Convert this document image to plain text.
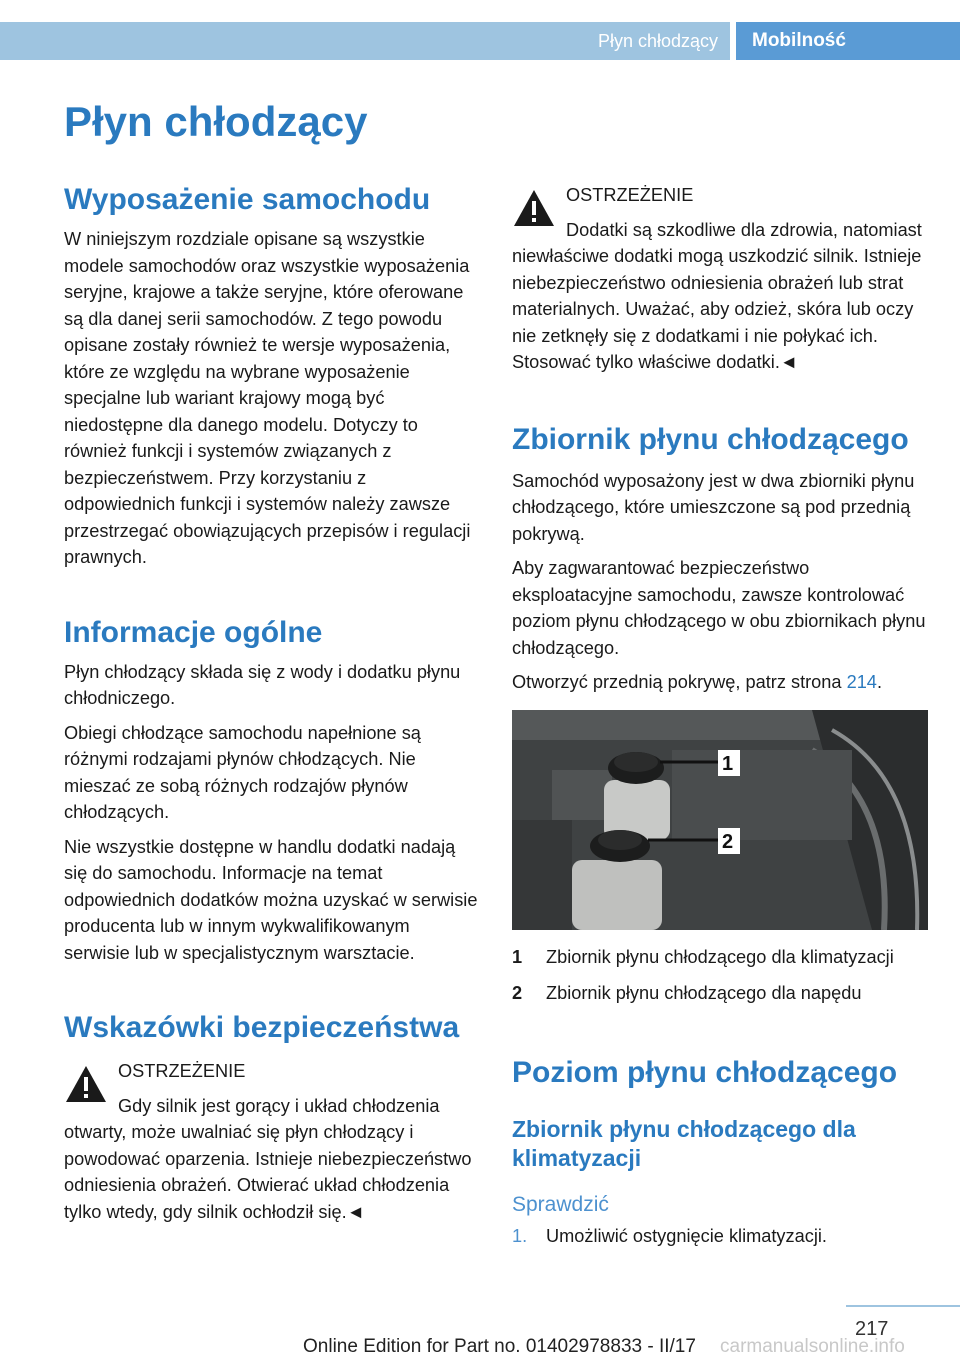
Płyn chłodzący Mobilność
Płyn chłodzący
Wyposażenie samochodu

W niniejszym rozdziale opisane są wszystkie modele samochodów oraz wszystkie wyposażenia seryjne, krajowe a także seryjne, które oferowane są dla danej serii samochodów. Z tego powodu opisane zostały również te wersje wyposażenia, które ze względu na wybrane wyposażenie specjalne lub wariant krajowy mogą być niedostępne dla danego modelu. Dotyczy to również funkcji i systemów związanych z bezpieczeństwem. Przy korzystaniu z odpowiednich funkcji i systemów należy zawsze przestrzegać obowiązujących przepisów i regulacji prawnych.

Informacje ogólne

Płyn chłodzący składa się z wody i dodatku płynu chłodniczego.

Obiegi chłodzące samochodu napełnione są różnymi rodzajami płynów chłodzących. Nie mieszać ze sobą różnych rodzajów płynów chłodzących.

Nie wszystkie dostępne w handlu dodatki nadają się do samochodu. Informacje na temat odpowiednich dodatków można uzyskać w serwisie producenta lub w innym wykwalifikowanym serwisie lub w specjalistycznym warsztacie.

Wskazówki bezpieczeństwa

OSTRZEŻENIE

Gdy silnik jest gorący i układ chłodzenia otwarty, może uwalniać się płyn chłodzący i powodować oparzenia. Istnieje niebezpieczeństwo odniesienia obrażeń. Otwierać układ chłodzenia tylko wtedy, gdy silnik ochłodził się.◄

OSTRZEŻENIE

Dodatki są szkodliwe dla zdrowia, natomiast niewłaściwe dodatki mogą uszkodzić silnik. Istnieje niebezpieczeństwo odniesienia obrażeń lub strat materialnych. Uważać, aby odzież, skóra lub oczy nie zetknęły się z dodatkami i nie połykać ich. Stosować tylko właściwe dodatki.◄

Zbiornik płynu chłodzącego

Samochód wyposażony jest w dwa zbiorniki płynu chłodzącego, które umieszczone są pod przednią pokrywą.

Aby zagwarantować bezpieczeństwo eksploatacyjne samochodu, zawsze kontrolować poziom płynu chłodzącego w obu zbiornikach płynu chłodzącego.

Otworzyć przednią pokrywę, patrz strona 214.

1
2
1	Zbiornik płynu chłodzącego dla klimatyzacji
2	Zbiornik płynu chłodzącego dla napędu
Poziom płynu chłodzącego
Zbiornik płynu chłodzącego dla klimatyzacji
Sprawdzić
1.	Umożliwić ostygnięcie klimatyzacji.
217
Online Edition for Part no. 01402978833 - II/17 carmanualsonline.info
